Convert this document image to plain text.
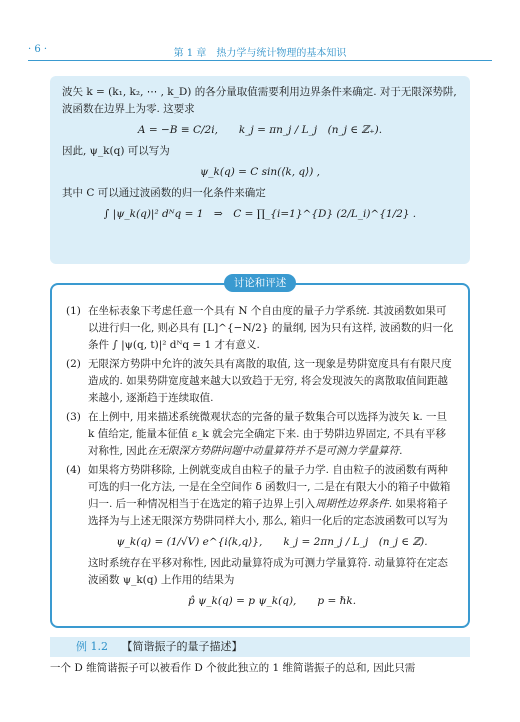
· 6 ·	第 1 章　热力学与统计物理的基本知识

波矢 k = (k₁, k₂, ⋯ , k_D) 的各分量取值需要利用边界条件来确定. 对于无限深势阱, 波函数在边界上为零. 这要求

A = −B ≡ C/2i,　　k_j = πn_j / L_j　(n_j ∈ ℤ₊).

因此, ψ_k(q) 可以写为

ψ_k(q) = C sin(⟨k, q⟩) ,

其中 C 可以通过波函数的归一化条件来确定

∫ |ψ_k(q)|² dᴺq = 1　⇒　C = ∏_{i=1}^{D} (2/L_i)^{1/2} .
(1) 在坐标表象下考虑任意一个具有 N 个自由度的量子力学系统. 其波函数如果可以进行归一化, 则必具有 [L]^{−N/2} 的量纲, 因为只有这样, 波函数的归一化条件 ∫ |ψ(q, t)|² dᴺq = 1 才有意义.
(2) 无限深方势阱中允许的波矢具有离散的取值, 这一现象是势阱宽度具有有限尺度造成的. 如果势阱宽度越来越大以致趋于无穷, 将会发现波矢的离散取值间距越来越小, 逐渐趋于连续取值.
(3) 在上例中, 用来描述系统微观状态的完备的量子数集合可以选择为波矢 k. 一旦 k 值给定, 能量本征值 ε_k 就会完全确定下来. 由于势阱边界固定, 不具有平移对称性, 因此在无限深方势阱问题中动量算符并不是可测力学量算符.
(4) 如果将方势阱移除, 上例就变成自由粒子的量子力学. 自由粒子的波函数有两种可选的归一化方法, 一是在全空间作 δ 函数归一, 二是在有限大小的箱子中做箱归一. 后一种情况相当于在选定的箱子边界上引入周期性边界条件. 如果将箱子选择为与上述无限深方势阱同样大小, 那么, 箱归一化后的定态波函数可以写为
ψ_k(q) = (1/√V) e^{i⟨k,q⟩},　　k_j = 2πn_j / L_j　(n_j ∈ ℤ).
这时系统存在平移对称性, 因此动量算符成为可测力学量算符. 动量算符在定态波函数 ψ_k(q) 上作用的结果为
p̂ ψ_k(q) = p ψ_k(q),　　p = ℏk.
讨论和评述
例 1.2 【简谐振子的量子描述】
一个 D 维简谐振子可以被看作 D 个彼此独立的 1 维简谐振子的总和, 因此只需
